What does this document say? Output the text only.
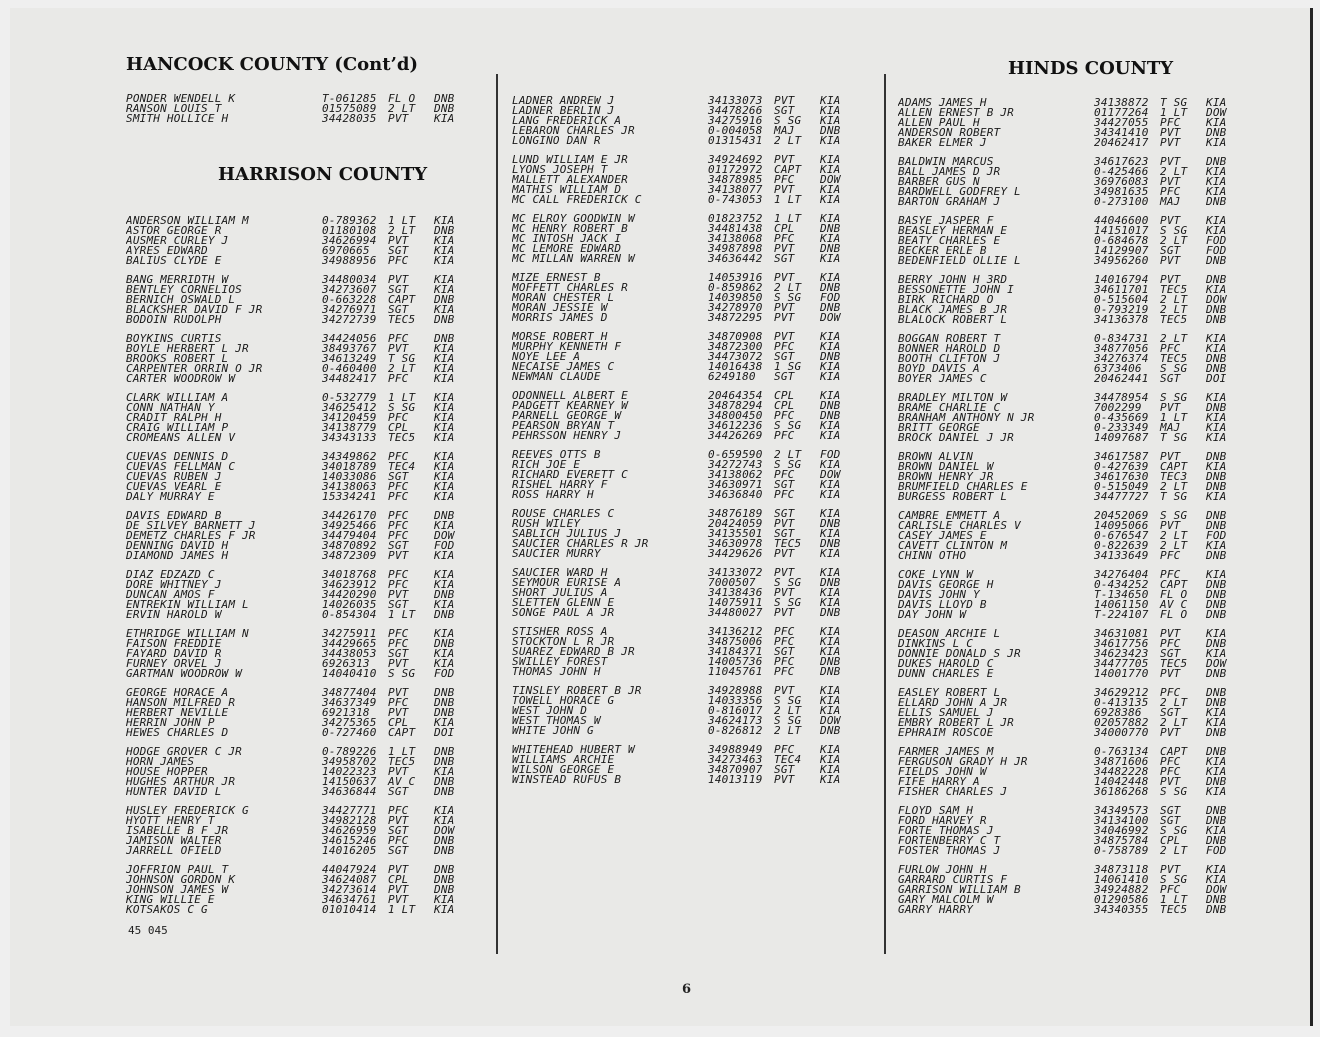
HANCOCK COUNTY (Cont’d)
HARRISON COUNTY
HINDS COUNTY
PONDER WENDELL K	T-061285	FL O	DNB
RANSON LOUIS T	01575089	2 LT	DNB
SMITH HOLLICE H	34428035	PVT	KIA
ANDERSON WILLIAM M	0-789362	1 LT	KIA
ASTOR GEORGE R	01180108	2 LT	DNB
AUSMER CURLEY J	34626994	PVT	KIA
AYRES EDWARD	6970665	SGT	KIA
BALIUS CLYDE E	34988956	PFC	KIA
BANG MERRIDTH W	34480034	PVT	KIA
BENTLEY CORNELIOS	34273607	SGT	KIA
BERNICH OSWALD L	0-663228	CAPT	DNB
BLACKSHER DAVID F JR	34276971	SGT	KIA
BODOIN RUDOLPH	34272739	TEC5	DNB
BOYKINS CURTIS	34424056	PFC	DNB
BOYLE HERBERT L JR	38493767	PVT	KIA
BROOKS ROBERT L	34613249	T SG	KIA
CARPENTER ORRIN O JR	0-460400	2 LT	KIA
CARTER WOODROW W	34482417	PFC	KIA
CLARK WILLIAM A	0-532779	1 LT	KIA
CONN NATHAN Y	34625412	S SG	KIA
CRADIT RALPH H	34120459	PFC	KIA
CRAIG WILLIAM P	34138779	CPL	KIA
CROMEANS ALLEN V	34343133	TEC5	KIA
CUEVAS DENNIS D	34349862	PFC	KIA
CUEVAS FELLMAN C	34018789	TEC4	KIA
CUEVAS RUBEN J	14033086	SGT	KIA
CUEVAS VEARL E	34138063	PFC	KIA
DALY MURRAY E	15334241	PFC	KIA
DAVIS EDWARD B	34426170	PFC	DNB
DE SILVEY BARNETT J	34925466	PFC	KIA
DEMETZ CHARLES F JR	34479404	PFC	DOW
DENNING DAVID H	34870892	SGT	FOD
DIAMOND JAMES H	34872309	PVT	KIA
DIAZ EDZAZD C	34018768	PFC	KIA
DORE WHITNEY J	34623912	PFC	KIA
DUNCAN AMOS F	34420290	PVT	DNB
ENTREKIN WILLIAM L	14026035	SGT	KIA
ERVIN HAROLD W	0-854304	1 LT	DNB
ETHRIDGE WILLIAM N	34275911	PFC	KIA
FAISON FREDDIE	34429665	PFC	DNB
FAYARD DAVID R	34438053	SGT	KIA
FURNEY ORVEL J	6926313	PVT	KIA
GARTMAN WOODROW W	14040410	S SG	FOD
GEORGE HORACE A	34877404	PVT	DNB
HANSON MILFRED R	34637349	PFC	DNB
HERBERT NEVILLE	6921318	PVT	DNB
HERRIN JOHN P	34275365	CPL	KIA
HEWES CHARLES D	0-727460	CAPT	DOI
HODGE GROVER C JR	0-789226	1 LT	DNB
HORN JAMES	34958702	TEC5	DNB
HOUSE HOPPER	14022323	PVT	KIA
HUGHES ARTHUR JR	14150637	AV C	DNB
HUNTER DAVID L	34636844	SGT	DNB
HUSLEY FREDERICK G	34427771	PFC	KIA
HYOTT HENRY T	34982128	PVT	KIA
ISABELLE B F JR	34626959	SGT	DOW
JAMISON WALTER	34615246	PFC	DNB
JARRELL OFIELD	14016205	SGT	DNB
JOFFRION PAUL T	44047924	PVT	DNB
JOHNSON GORDON K	34624087	CPL	DNB
JOHNSON JAMES W	34273614	PVT	DNB
KING WILLIE E	34634761	PVT	KIA
KOTSAKOS C G	01010414	1 LT	KIA
LADNER ANDREW J	34133073	PVT	KIA
LADNER BERLIN J	34478266	SGT	KIA
LANG FREDERICK A	34275916	S SG	KIA
LEBARON CHARLES JR	0-004058	MAJ	DNB
LONGINO DAN R	01315431	2 LT	KIA
LUND WILLIAM E JR	34924692	PVT	KIA
LYONS JOSEPH T	01172972	CAPT	KIA
MALLETT ALEXANDER	34878985	PFC	DOW
MATHIS WILLIAM D	34138077	PVT	KIA
MC CALL FREDERICK C	0-743053	1 LT	KIA
MC ELROY GOODWIN W	01823752	1 LT	KIA
MC HENRY ROBERT B	34481438	CPL	DNB
MC INTOSH JACK I	34138068	PFC	KIA
MC LEMORE EDWARD	34987898	PVT	DNB
MC MILLAN WARREN W	34636442	SGT	KIA
MIZE ERNEST B	14053916	PVT	KIA
MOFFETT CHARLES R	0-859862	2 LT	DNB
MORAN CHESTER L	14039850	S SG	FOD
MORAN JESSIE W	34278970	PVT	DNB
MORRIS JAMES D	34872295	PVT	DOW
MORSE ROBERT H	34870908	PVT	KIA
MURPHY KENNETH F	34872300	PFC	KIA
NOYE LEE A	34473072	SGT	DNB
NECAISE JAMES C	14016438	1 SG	KIA
NEWMAN CLAUDE	6249180	SGT	KIA
ODONNELL ALBERT E	20464354	CPL	KIA
PADGETT KEARNEY W	34878294	CPL	DNB
PARNELL GEORGE W	34800450	PFC	DNB
PEARSON BRYAN T	34612236	S SG	KIA
PEHRSSON HENRY J	34426269	PFC	KIA
REEVES OTTS B	0-659590	2 LT	FOD
RICH JOE E	34272743	S SG	KIA
RICHARD EVERETT C	34138062	PFC	DOW
RISHEL HARRY F	34630971	SGT	KIA
ROSS HARRY H	34636840	PFC	KIA
ROUSE CHARLES C	34876189	SGT	KIA
RUSH WILEY	20424059	PVT	DNB
SABLICH JULIUS J	34135501	SGT	KIA
SAUCIER CHARLES R JR	34630978	TEC5	DNB
SAUCIER MURRY	34429626	PVT	KIA
SAUCIER WARD H	34133072	PVT	KIA
SEYMOUR EURISE A	7000507	S SG	DNB
SHORT JULIUS A	34138436	PVT	KIA
SLETTEN GLENN E	14075911	S SG	KIA
SONGE PAUL A JR	34480027	PVT	DNB
STISHER ROSS A	34136212	PFC	KIA
STOCKTON L R JR	34875006	PFC	KIA
SUAREZ EDWARD B JR	34184371	SGT	KIA
SWILLEY FOREST	14005736	PFC	DNB
THOMAS JOHN H	11045761	PFC	DNB
TINSLEY ROBERT B JR	34928988	PVT	KIA
TOWELL HORACE G	14033356	S SG	KIA
WEST JOHN D	0-816017	2 LT	KIA
WEST THOMAS W	34624173	S SG	DOW
WHITE JOHN G	0-826812	2 LT	DNB
WHITEHEAD HUBERT W	34988949	PFC	KIA
WILLIAMS ARCHIE	34273463	TEC4	KIA
WILSON GEORGE E	34870907	SGT	KIA
WINSTEAD RUFUS B	14013119	PVT	KIA
ADAMS JAMES H	34138872	T SG	KIA
ALLEN ERNEST B JR	01177264	1 LT	DOW
ALLEN PAUL H	34427055	PFC	KIA
ANDERSON ROBERT	34341410	PVT	DNB
BAKER ELMER J	20462417	PVT	KIA
BALDWIN MARCUS	34617623	PVT	DNB
BALL JAMES D JR	0-425466	2 LT	KIA
BARBER GUS N	36976083	PVT	KIA
BARDWELL GODFREY L	34981635	PFC	KIA
BARTON GRAHAM J	0-273100	MAJ	DNB
BASYE JASPER F	44046600	PVT	KIA
BEASLEY HERMAN E	14151017	S SG	KIA
BEATY CHARLES E	0-684678	2 LT	FOD
BECKER ERLE B	14129907	SGT	FOD
BEDENFIELD OLLIE L	34956260	PVT	DNB
BERRY JOHN H 3RD	14016794	PVT	DNB
BESSONETTE JOHN I	34611701	TEC5	KIA
BIRK RICHARD O	0-515604	2 LT	DOW
BLACK JAMES B JR	0-793219	2 LT	DNB
BLALOCK ROBERT L	34136378	TEC5	DNB
BOGGAN ROBERT T	0-834731	2 LT	KIA
BONNER HAROLD D	34877056	PFC	KIA
BOOTH CLIFTON J	34276374	TEC5	DNB
BOYD DAVIS A	6373406	S SG	DNB
BOYER JAMES C	20462441	SGT	DOI
BRADLEY MILTON W	34478954	S SG	KIA
BRAME CHARLIE C	7002299	PVT	DNB
BRANHAM ANTHONY N JR	0-435669	1 LT	KIA
BRITT GEORGE	0-233349	MAJ	KIA
BROCK DANIEL J JR	14097687	T SG	KIA
BROWN ALVIN	34617587	PVT	DNB
BROWN DANIEL W	0-427639	CAPT	KIA
BROWN HENRY JR	34617630	TEC3	DNB
BRUMFIELD CHARLES E	0-515049	2 LT	DNB
BURGESS ROBERT L	34477727	T SG	KIA
CAMBRE EMMETT A	20452069	S SG	DNB
CARLISLE CHARLES V	14095066	PVT	DNB
CASEY JAMES E	0-676547	2 LT	FOD
CAVETT CLINTON M	0-822639	2 LT	KIA
CHINN OTHO	34133649	PFC	DNB
COKE LYNN W	34276404	PFC	KIA
DAVIS GEORGE H	0-434252	CAPT	DNB
DAVIS JOHN Y	T-134650	FL O	DNB
DAVIS LLOYD B	14061150	AV C	DNB
DAY JOHN W	T-224107	FL O	DNB
DEASON ARCHIE L	34631081	PVT	KIA
DINKINS L C	34617756	PFC	DNB
DONNIE DONALD S JR	34623423	SGT	KIA
DUKES HAROLD C	34477705	TEC5	DOW
DUNN CHARLES E	14001770	PVT	DNB
EASLEY ROBERT L	34629212	PFC	DNB
ELLARD JOHN A JR	0-413135	2 LT	DNB
ELLIS SAMUEL J	6928386	SGT	KIA
EMBRY ROBERT L JR	02057882	2 LT	KIA
EPHRAIM ROSCOE	34000770	PVT	DNB
FARMER JAMES M	0-763134	CAPT	DNB
FERGUSON GRADY H JR	34871606	PFC	KIA
FIELDS JOHN W	34482228	PFC	KIA
FIFE HARRY A	14042448	PVT	DNB
FISHER CHARLES J	36186268	S SG	KIA
FLOYD SAM H	34349573	SGT	DNB
FORD HARVEY R	34134100	SGT	DNB
FORTE THOMAS J	34046992	S SG	KIA
FORTENBERRY C T	34875784	CPL	DNB
FOSTER THOMAS J	0-758789	2 LT	FOD
FURLOW JOHN H	34873118	PVT	KIA
GARRARD CURTIS F	14061410	S SG	KIA
GARRISON WILLIAM B	34924882	PFC	DOW
GARY MALCOLM W	01290586	1 LT	DNB
GARRY HARRY	34340355	TEC5	DNB
45 045
6
